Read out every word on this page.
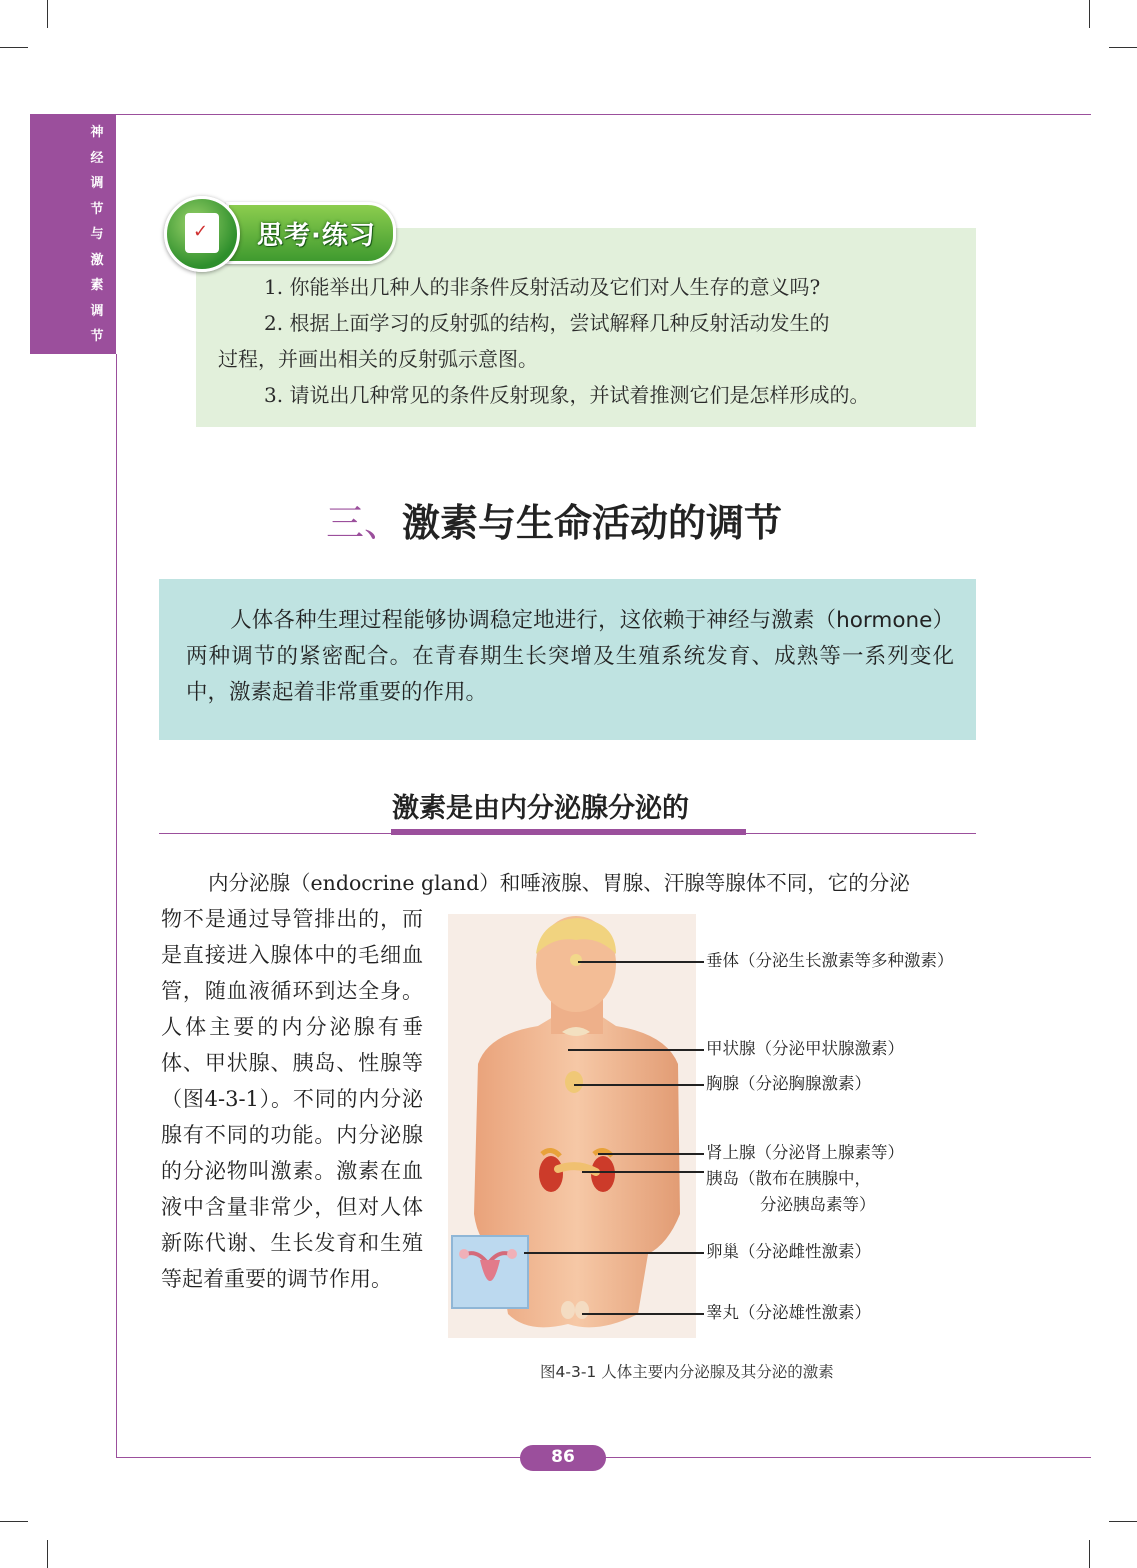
神经调节与激素调节
思考·练习
✓
1. 你能举出几种人的非条件反射活动及它们对人生存的意义吗?
2. 根据上面学习的反射弧的结构，尝试解释几种反射活动发生的
过程，并画出相关的反射弧示意图。
3. 请说出几种常见的条件反射现象，并试着推测它们是怎样形成的。
三、激素与生命活动的调节
人体各种生理过程能够协调稳定地进行，这依赖于神经与激素（hormone）两种调节的紧密配合。在青春期生长突增及生殖系统发育、成熟等一系列变化中，激素起着非常重要的作用。
激素是由内分泌腺分泌的
内分泌腺（endocrine gland）和唾液腺、胃腺、汗腺等腺体不同，它的分泌
物不是通过导管排出的，而是直接进入腺体中的毛细血管，随血液循环到达全身。人体主要的内分泌腺有垂体、甲状腺、胰岛、性腺等（图4-3-1）。不同的内分泌腺有不同的功能。内分泌腺的分泌物叫激素。激素在血液中含量非常少，但对人体新陈代谢、生长发育和生殖等起着重要的调节作用。
垂体（分泌生长激素等多种激素）
甲状腺（分泌甲状腺激素）
胸腺（分泌胸腺激素）
肾上腺（分泌肾上腺素等）
胰岛（散布在胰腺中，
分泌胰岛素等）
卵巢（分泌雌性激素）
睾丸（分泌雄性激素）
图4-3-1 人体主要内分泌腺及其分泌的激素
86
